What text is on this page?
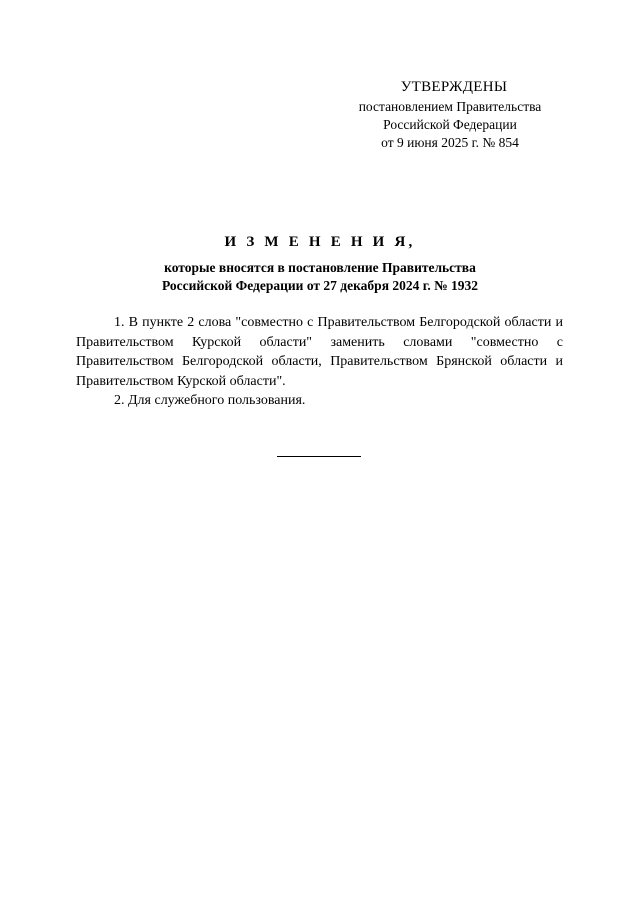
УТВЕРЖДЕНЫ
постановлением Правительства
Российской Федерации
от 9 июня 2025 г. № 854
И З М Е Н Е Н И Я,
которые вносятся в постановление Правительства
Российской Федерации от 27 декабря 2024 г. № 1932

1. В пункте 2 слова "совместно с Правительством Белгородской области и Правительством Курской области" заменить словами "совместно с Правительством Белгородской области, Правительством Брянской области и Правительством Курской области".

2. Для служебного пользования.
